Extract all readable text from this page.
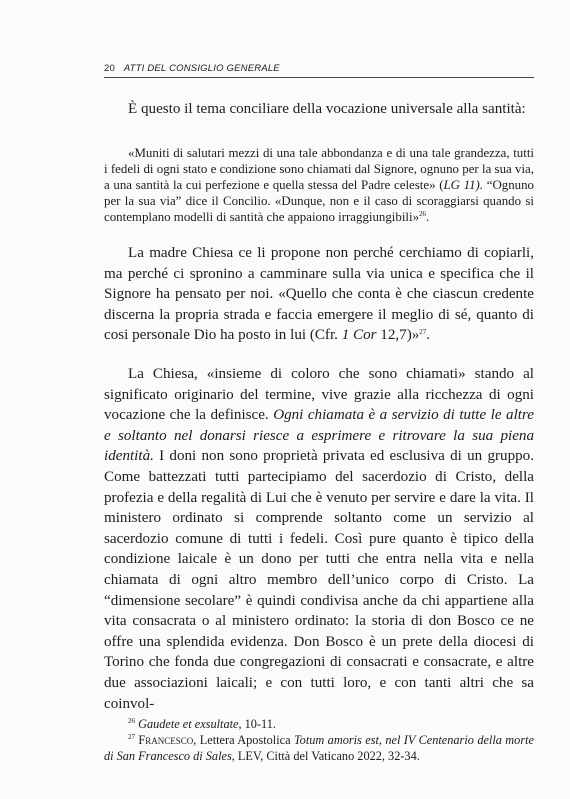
20 ATTI DEL CONSIGLIO GENERALE
È questo il tema conciliare della vocazione universale alla santità:
«Muniti di salutari mezzi di una tale abbondanza e di una tale grandezza, tutti i fedeli di ogni stato e condizione sono chiamati dal Signore, ognuno per la sua via, a una santità la cui perfezione e quella stessa del Padre celeste» (LG 11). “Ognuno per la sua via” dice il Concilio. «Dunque, non e il caso di scoraggiarsi quando si contemplano modelli di santità che appaiono irraggiungibili»$^{26}$.
La madre Chiesa ce li propone non perché cerchiamo di copiarli, ma perché ci spronino a camminare sulla via unica e specifica che il Signore ha pensato per noi. «Quello che conta è che ciascun credente discerna la propria strada e faccia emergere il meglio di sé, quanto di cosi personale Dio ha posto in lui (Cfr. 1 Cor 12,7)»$^{27}$.
La Chiesa, «insieme di coloro che sono chiamati» stando al significato originario del termine, vive grazie alla ricchezza di ogni vocazione che la definisce. Ogni chiamata è a servizio di tutte le altre e soltanto nel donarsi riesce a esprimere e ritrovare la sua piena identità. I doni non sono proprietà privata ed esclusiva di un gruppo. Come battezzati tutti partecipiamo del sacerdozio di Cristo, della profezia e della regalità di Lui che è venuto per servire e dare la vita. Il ministero ordinato si comprende soltanto come un servizio al sacerdozio comune di tutti i fedeli. Così pure quanto è tipico della condizione laicale è un dono per tutti che entra nella vita e nella chiamata di ogni altro membro dell’unico corpo di Cristo. La “dimensione secolare” è quindi condivisa anche da chi appartiene alla vita consacrata o al ministero ordinato: la storia di don Bosco ce ne offre una splendida evidenza. Don Bosco è un prete della diocesi di Torino che fonda due congregazioni di consacrati e consacrate, e altre due associazioni laicali; e con tutti loro, e con tanti altri che sa coinvol-
$^{26}$ Gaudete et exsultate, 10-11.
$^{27}$ Francesco, Lettera Apostolica Totum amoris est, nel IV Centenario della morte di San Francesco di Sales, LEV, Città del Vaticano 2022, 32-34.
